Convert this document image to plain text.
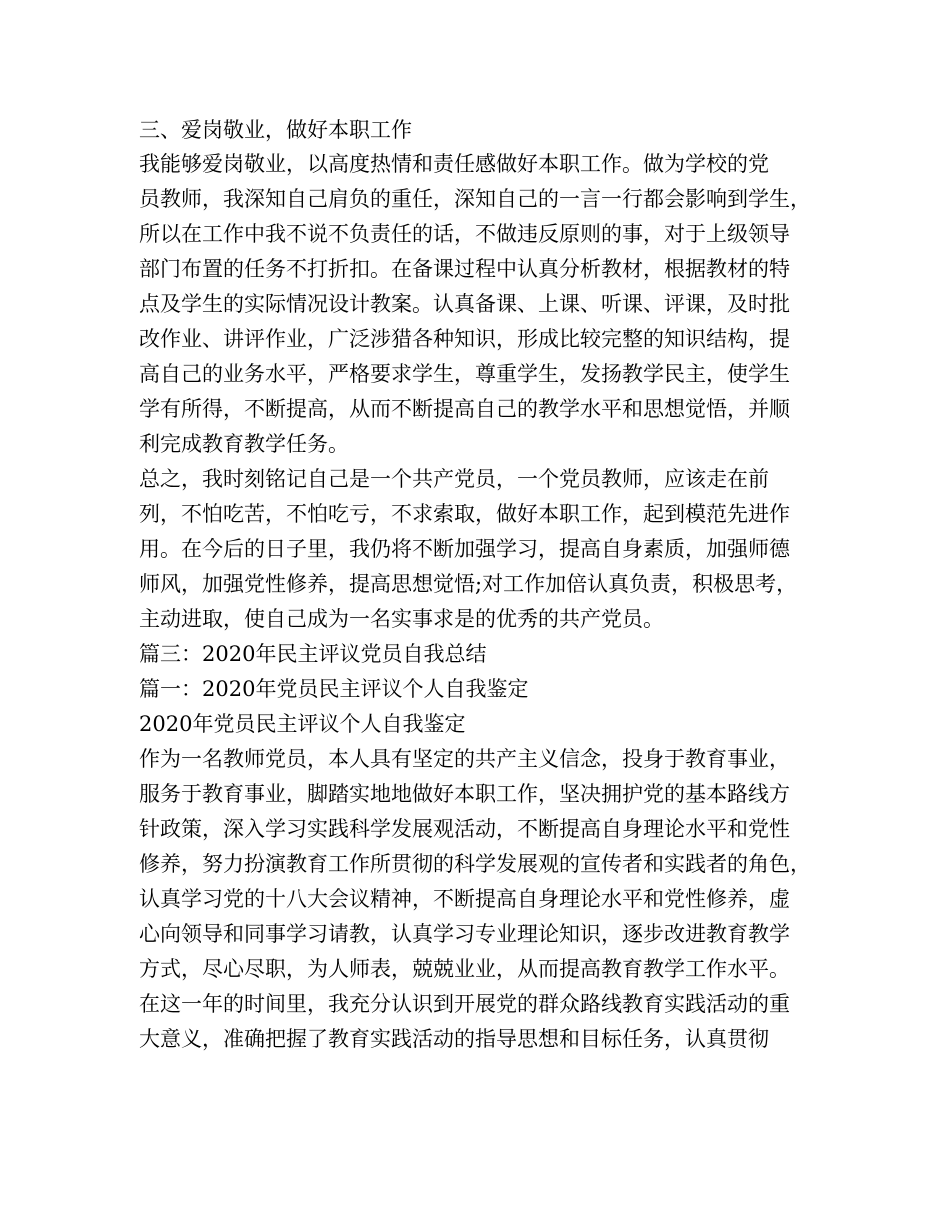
三、爱岗敬业，做好本职工作
我能够爱岗敬业，以高度热情和责任感做好本职工作。做为学校的党
员教师，我深知自己肩负的重任，深知自己的一言一行都会影响到学生，
所以在工作中我不说不负责任的话，不做违反原则的事，对于上级领导
部门布置的任务不打折扣。在备课过程中认真分析教材，根据教材的特
点及学生的实际情况设计教案。认真备课、上课、听课、评课，及时批
改作业、讲评作业，广泛涉猎各种知识，形成比较完整的知识结构，提
高自己的业务水平，严格要求学生，尊重学生，发扬教学民主，使学生
学有所得，不断提高，从而不断提高自己的教学水平和思想觉悟，并顺
利完成教育教学任务。
总之，我时刻铭记自己是一个共产党员，一个党员教师，应该走在前
列，不怕吃苦，不怕吃亏，不求索取，做好本职工作，起到模范先进作
用。在今后的日子里，我仍将不断加强学习，提高自身素质，加强师德
师风，加强党性修养，提高思想觉悟;对工作加倍认真负责，积极思考，
主动进取，使自己成为一名实事求是的优秀的共产党员。
篇三：2020年民主评议党员自我总结
篇一：2020年党员民主评议个人自我鉴定
2020年党员民主评议个人自我鉴定
作为一名教师党员，本人具有坚定的共产主义信念，投身于教育事业，
服务于教育事业，脚踏实地地做好本职工作，坚决拥护党的基本路线方
针政策，深入学习实践科学发展观活动，不断提高自身理论水平和党性
修养，努力扮演教育工作所贯彻的科学发展观的宣传者和实践者的角色，
认真学习党的十八大会议精神，不断提高自身理论水平和党性修养，虚
心向领导和同事学习请教，认真学习专业理论知识，逐步改进教育教学
方式，尽心尽职，为人师表，兢兢业业，从而提高教育教学工作水平。
在这一年的时间里，我充分认识到开展党的群众路线教育实践活动的重
大意义，准确把握了教育实践活动的指导思想和目标任务，认真贯彻
